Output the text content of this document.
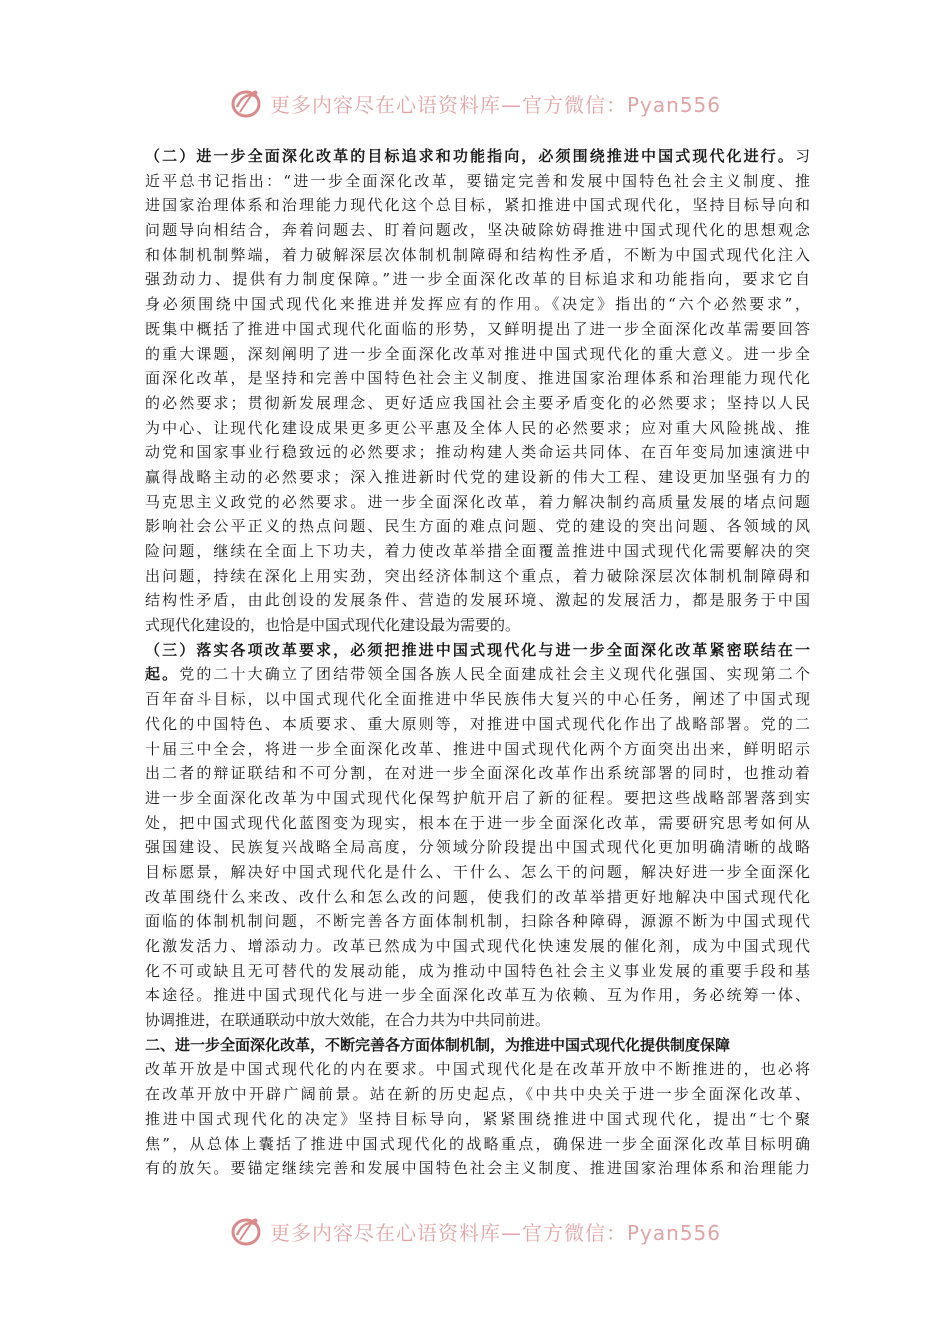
更多内容尽在心语资料库—官方微信：Pyan556
（二）进一步全面深化改革的目标追求和功能指向，必须围绕推进中国式现代化进行。习
近平总书记指出：“进一步全面深化改革，要锚定完善和发展中国特色社会主义制度、推
进国家治理体系和治理能力现代化这个总目标，紧扣推进中国式现代化，坚持目标导向和
问题导向相结合，奔着问题去、盯着问题改，坚决破除妨碍推进中国式现代化的思想观念
和体制机制弊端，着力破解深层次体制机制障碍和结构性矛盾，不断为中国式现代化注入
强劲动力、提供有力制度保障。”进一步全面深化改革的目标追求和功能指向，要求它自
身必须围绕中国式现代化来推进并发挥应有的作用。《决定》指出的“六个必然要求”，
既集中概括了推进中国式现代化面临的形势，又鲜明提出了进一步全面深化改革需要回答
的重大课题，深刻阐明了进一步全面深化改革对推进中国式现代化的重大意义。进一步全
面深化改革，是坚持和完善中国特色社会主义制度、推进国家治理体系和治理能力现代化
的必然要求；贯彻新发展理念、更好适应我国社会主要矛盾变化的必然要求；坚持以人民
为中心、让现代化建设成果更多更公平惠及全体人民的必然要求；应对重大风险挑战、推
动党和国家事业行稳致远的必然要求；推动构建人类命运共同体、在百年变局加速演进中
赢得战略主动的必然要求；深入推进新时代党的建设新的伟大工程、建设更加坚强有力的
马克思主义政党的必然要求。进一步全面深化改革，着力解决制约高质量发展的堵点问题
影响社会公平正义的热点问题、民生方面的难点问题、党的建设的突出问题、各领域的风
险问题，继续在全面上下功夫，着力使改革举措全面覆盖推进中国式现代化需要解决的突
出问题，持续在深化上用实劲，突出经济体制这个重点，着力破除深层次体制机制障碍和
结构性矛盾，由此创设的发展条件、营造的发展环境、激起的发展活力，都是服务于中国
式现代化建设的，也恰是中国式现代化建设最为需要的。
（三）落实各项改革要求，必须把推进中国式现代化与进一步全面深化改革紧密联结在一
起。党的二十大确立了团结带领全国各族人民全面建成社会主义现代化强国、实现第二个
百年奋斗目标，以中国式现代化全面推进中华民族伟大复兴的中心任务，阐述了中国式现
代化的中国特色、本质要求、重大原则等，对推进中国式现代化作出了战略部署。党的二
十届三中全会，将进一步全面深化改革、推进中国式现代化两个方面突出出来，鲜明昭示
出二者的辩证联结和不可分割，在对进一步全面深化改革作出系统部署的同时，也推动着
进一步全面深化改革为中国式现代化保驾护航开启了新的征程。要把这些战略部署落到实
处，把中国式现代化蓝图变为现实，根本在于进一步全面深化改革，需要研究思考如何从
强国建设、民族复兴战略全局高度，分领域分阶段提出中国式现代化更加明确清晰的战略
目标愿景，解决好中国式现代化是什么、干什么、怎么干的问题，解决好进一步全面深化
改革围绕什么来改、改什么和怎么改的问题，使我们的改革举措更好地解决中国式现代化
面临的体制机制问题，不断完善各方面体制机制，扫除各种障碍，源源不断为中国式现代
化激发活力、增添动力。改革已然成为中国式现代化快速发展的催化剂，成为中国式现代
化不可或缺且无可替代的发展动能，成为推动中国特色社会主义事业发展的重要手段和基
本途径。推进中国式现代化与进一步全面深化改革互为依赖、互为作用，务必统筹一体、
协调推进，在联通联动中放大效能，在合力共为中共同前进。
二、进一步全面深化改革，不断完善各方面体制机制，为推进中国式现代化提供制度保障
改革开放是中国式现代化的内在要求。中国式现代化是在改革开放中不断推进的，也必将
在改革开放中开辟广阔前景。站在新的历史起点，《中共中央关于进一步全面深化改革、
推进中国式现代化的决定》坚持目标导向，紧紧围绕推进中国式现代化，提出“七个聚
焦”，从总体上囊括了推进中国式现代化的战略重点，确保进一步全面深化改革目标明确
有的放矢。要锚定继续完善和发展中国特色社会主义制度、推进国家治理体系和治理能力
更多内容尽在心语资料库—官方微信：Pyan556
